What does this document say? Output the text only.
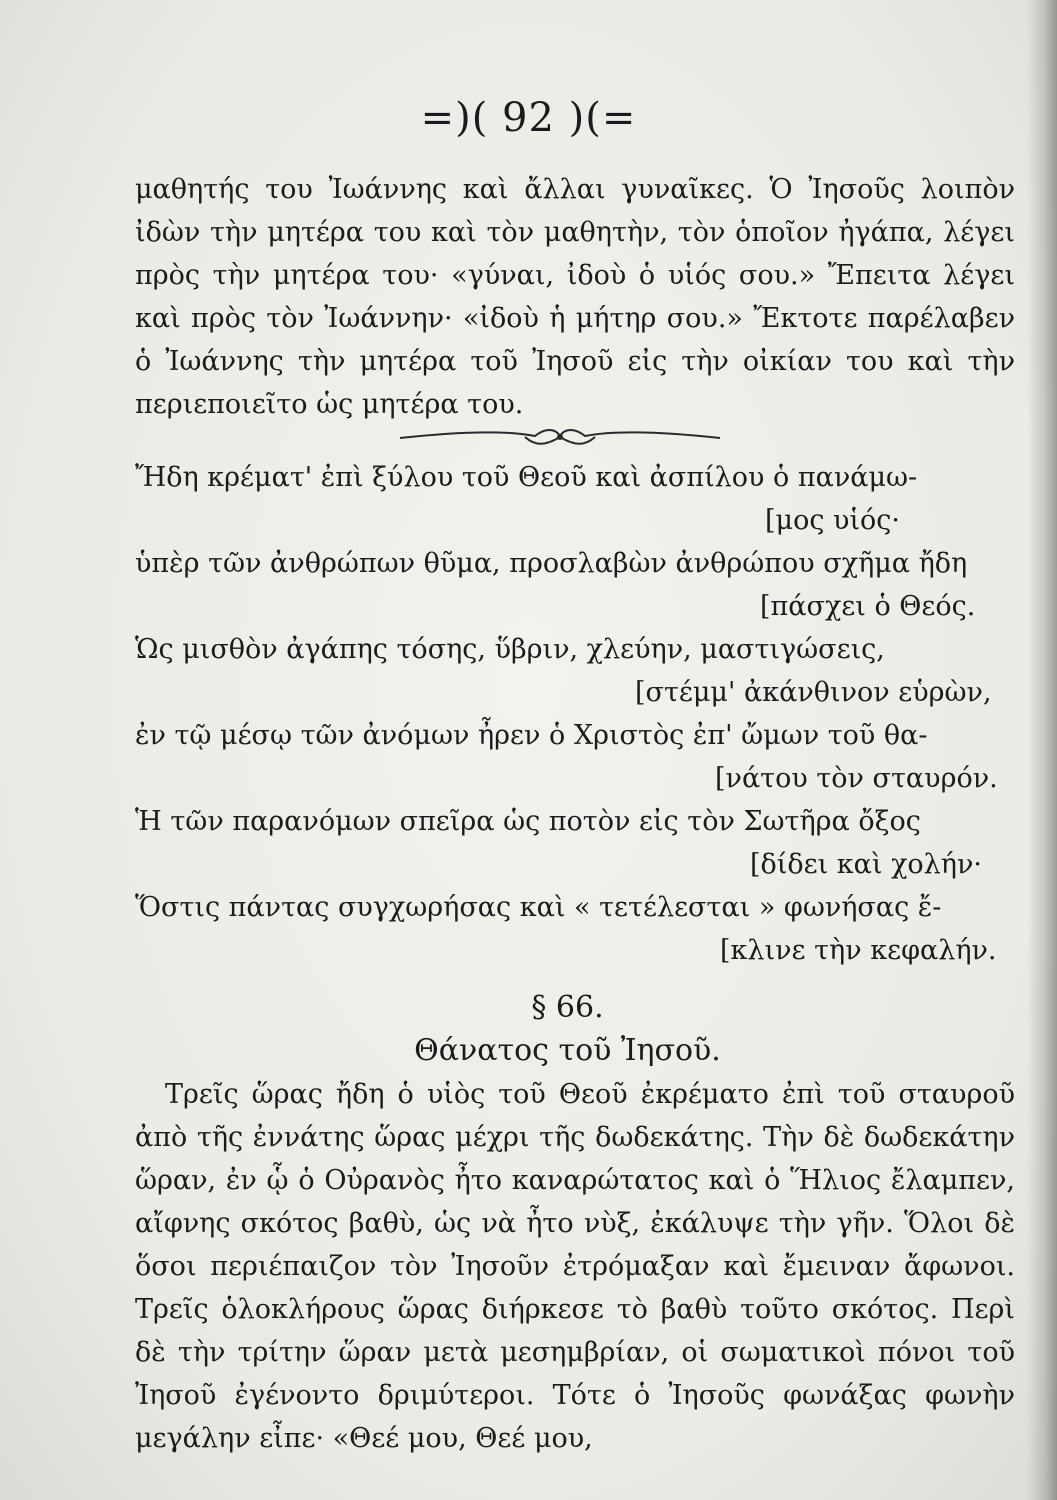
=)( 92 )(=

μαθητής του Ἰωάννης καὶ ἄλλαι γυναῖκες. Ὁ Ἰησοῦς λοιπὸν ἰδὼν τὴν μητέρα του καὶ τὸν μαθητὴν, τὸν ὁποῖον ἠγάπα, λέγει πρὸς τὴν μητέρα του· «γύναι, ἰδοὺ ὁ υἱός σου.» Ἔπειτα λέγει καὶ πρὸς τὸν Ἰωάννην· «ἰδοὺ ἡ μήτηρ σου.» Ἔκτοτε παρέλαβεν ὁ Ἰωάννης τὴν μητέρα τοῦ Ἰησοῦ εἰς τὴν οἰκίαν του καὶ τὴν περιεποιεῖτο ὡς μητέρα του.

Ἤδη κρέματ' ἐπὶ ξύλου τοῦ Θεοῦ καὶ ἀσπίλου ὁ πανάμω-
[μος υἱός·
ὑπὲρ τῶν ἀνθρώπων θῦμα, προσλαβὼν ἀνθρώπου σχῆμα ἤδη
[πάσχει ὁ Θεός.
Ὡς μισθὸν ἀγάπης τόσης, ὕβριν, χλεύην, μαστιγώσεις,
[στέμμ' ἀκάνθινον εὑρὼν,
ἐν τῷ μέσῳ τῶν ἀνόμων ἦρεν ὁ Χριστὸς ἐπ' ὤμων τοῦ θα-
[νάτου τὸν σταυρόν.
Ἡ τῶν παρανόμων σπεῖρα ὡς ποτὸν εἰς τὸν Σωτῆρα ὄξος
[δίδει καὶ χολήν·
Ὅστις πάντας συγχωρήσας καὶ « τετέλεσται » φωνήσας ἔ-
[κλινε τὴν κεφαλήν.
§ 66.
Θάνατος τοῦ Ἰησοῦ.

Τρεῖς ὥρας ἤδη ὁ υἱὸς τοῦ Θεοῦ ἐκρέματο ἐπὶ τοῦ σταυροῦ ἀπὸ τῆς ἐννάτης ὥρας μέχρι τῆς δωδεκάτης. Τὴν δὲ δωδεκάτην ὥραν, ἐν ᾧ ὁ Οὐρανὸς ἦτο καναρώτατος καὶ ὁ Ἥλιος ἔλαμπεν, αἴφνης σκότος βαθὺ, ὡς νὰ ἦτο νὺξ, ἐκάλυψε τὴν γῆν. Ὅλοι δὲ ὅσοι περιέπαιζον τὸν Ἰησοῦν ἐτρόμαξαν καὶ ἔμειναν ἄφωνοι. Τρεῖς ὁλοκλήρους ὥρας διήρκεσε τὸ βαθὺ τοῦτο σκότος. Περὶ δὲ τὴν τρίτην ὥραν μετὰ μεσημβρίαν, οἱ σωματικοὶ πόνοι τοῦ Ἰησοῦ ἐγένοντο δριμύτεροι. Τότε ὁ Ἰησοῦς φωνάξας φωνὴν μεγάλην εἶπε· «Θεέ μου, Θεέ μου,
